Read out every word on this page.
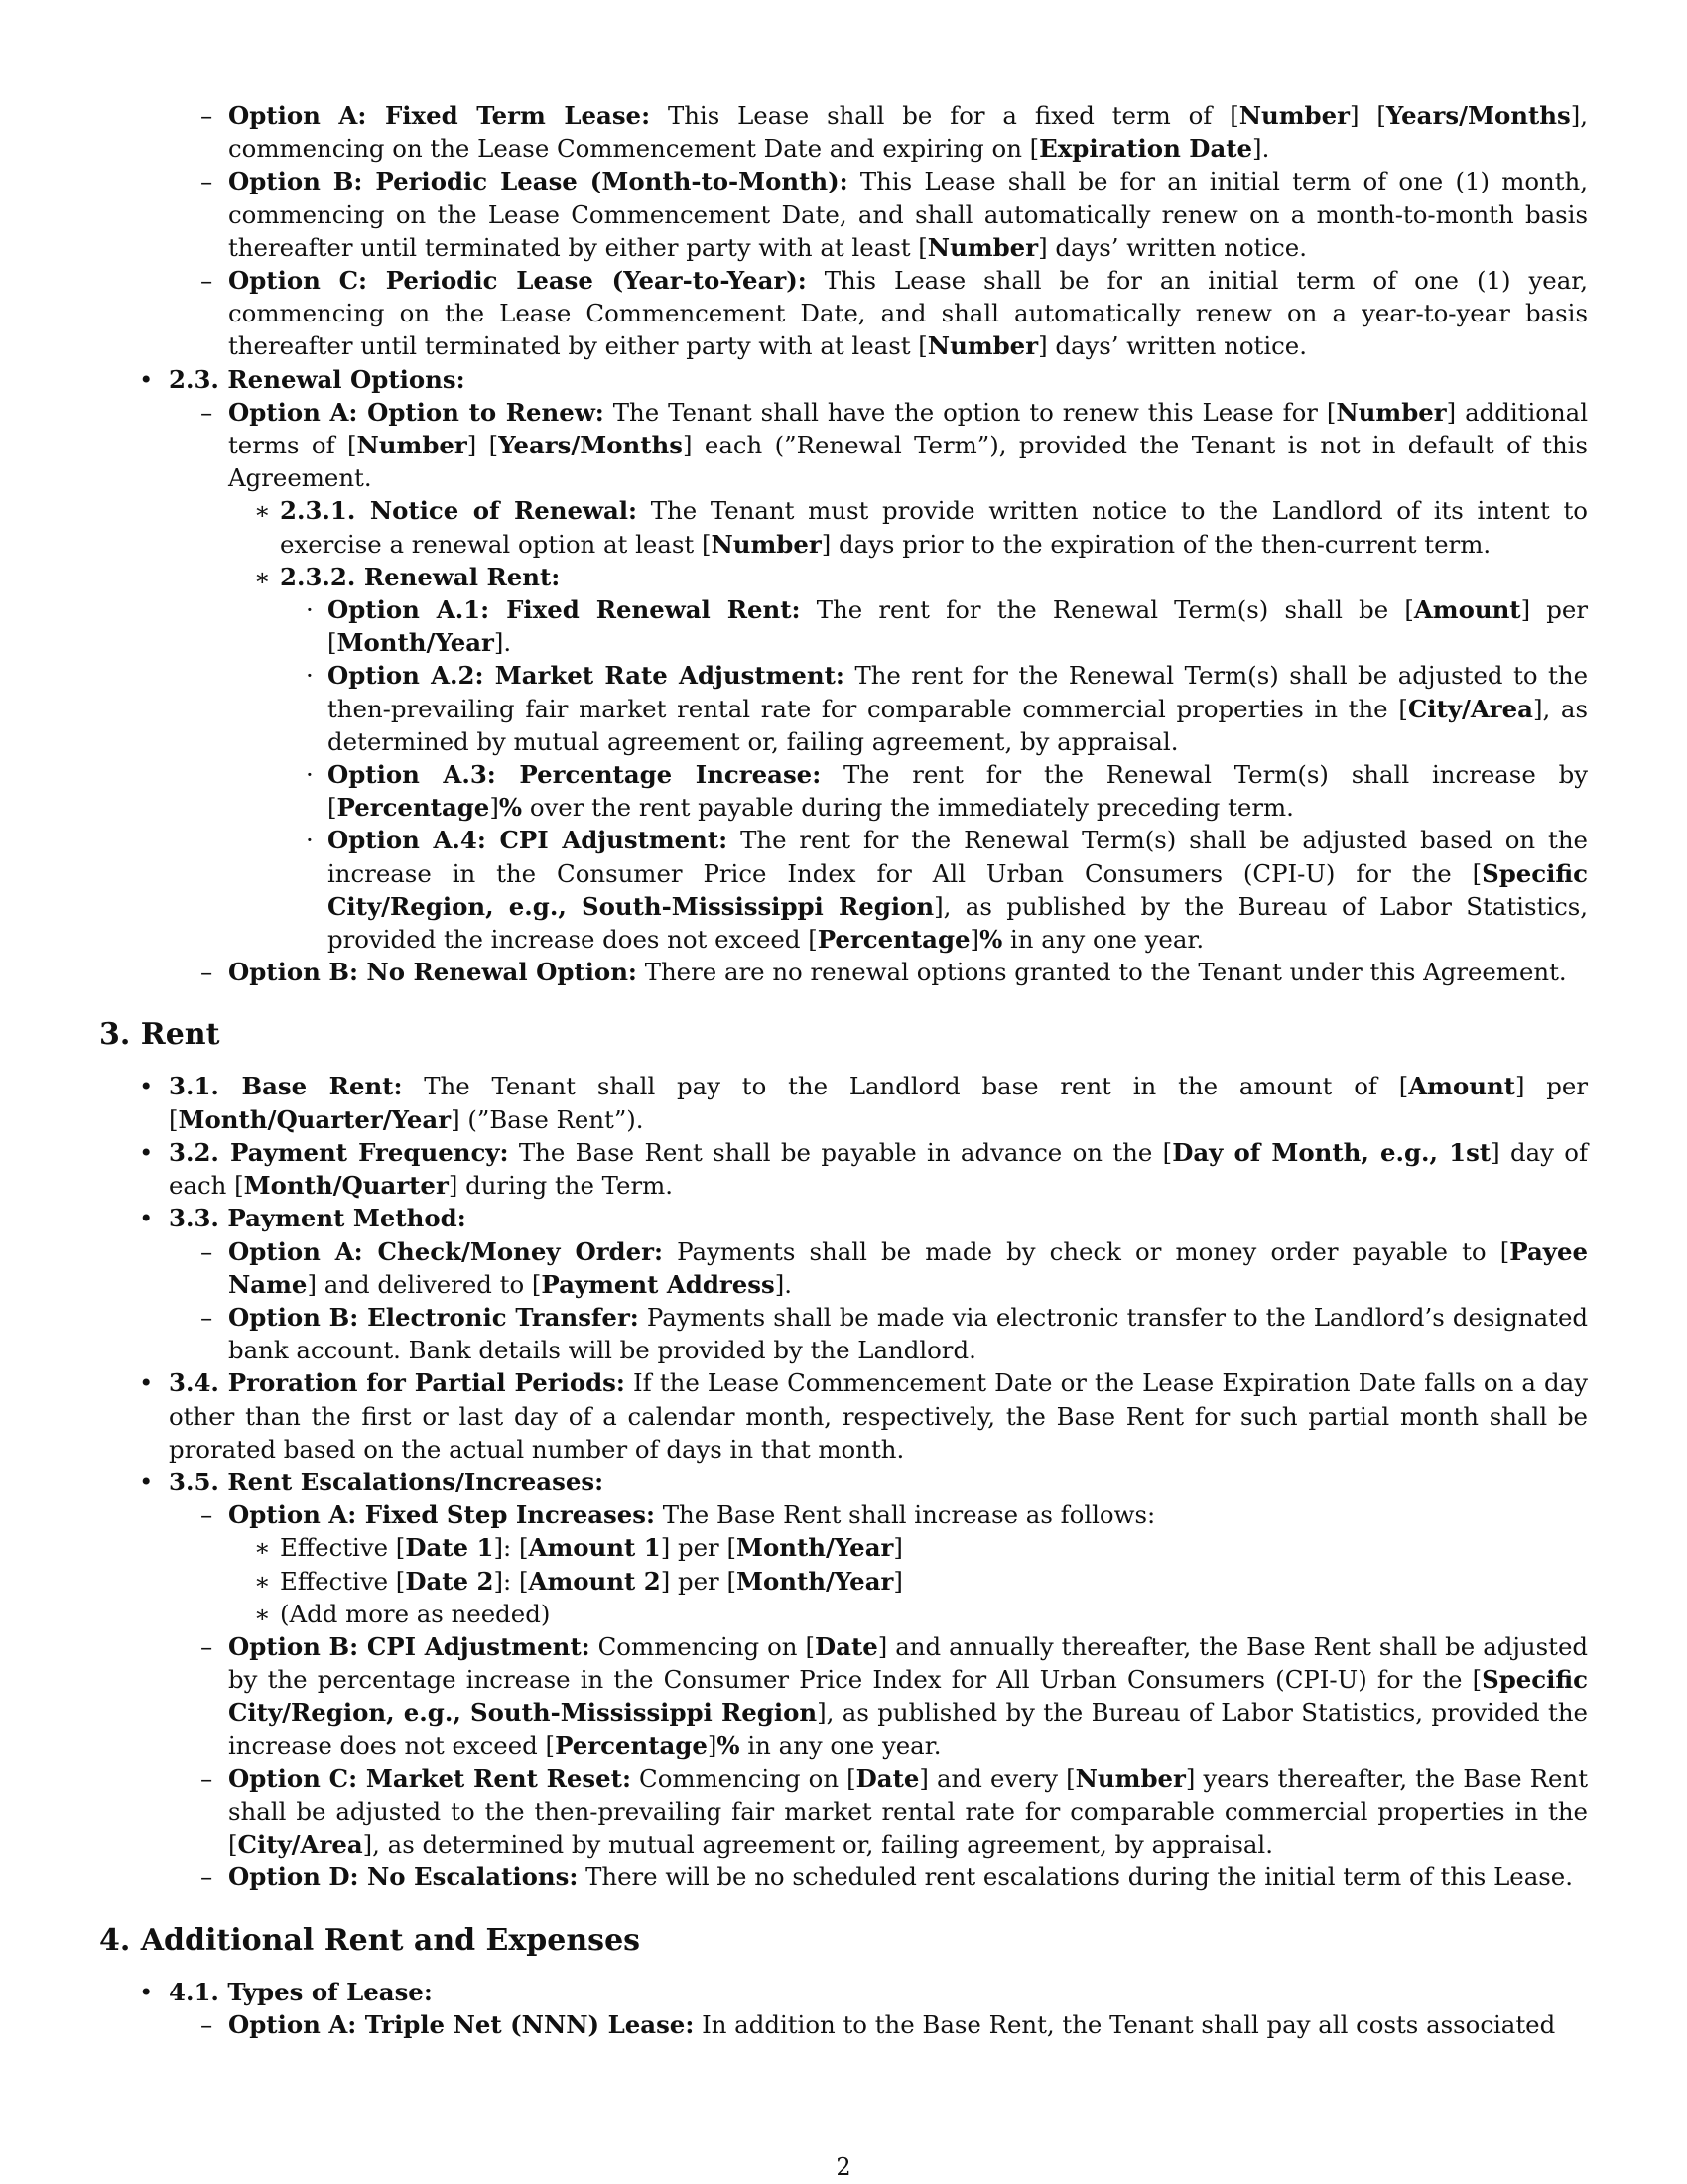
– Option A: Fixed Term Lease: This Lease shall be for a fixed term of [Number] [Years/Months], commencing on the Lease Commencement Date and expiring on [Expiration Date].
– Option B: Periodic Lease (Month-to-Month): This Lease shall be for an initial term of one (1) month, commencing on the Lease Commencement Date, and shall automatically renew on a month-to-month basis thereafter until terminated by either party with at least [Number] days’ written notice.
– Option C: Periodic Lease (Year-to-Year): This Lease shall be for an initial term of one (1) year, commencing on the Lease Commencement Date, and shall automatically renew on a year-to-year basis thereafter until terminated by either party with at least [Number] days’ written notice.
• 2.3. Renewal Options:
– Option A: Option to Renew: The Tenant shall have the option to renew this Lease for [Number] additional terms of [Number] [Years/Months] each (”Renewal Term”), provided the Tenant is not in default of this Agreement.
∗ 2.3.1. Notice of Renewal: The Tenant must provide written notice to the Landlord of its intent to exercise a renewal option at least [Number] days prior to the expiration of the then-current term.
∗ 2.3.2. Renewal Rent:
· Option A.1: Fixed Renewal Rent: The rent for the Renewal Term(s) shall be [Amount] per [Month/Year].
· Option A.2: Market Rate Adjustment: The rent for the Renewal Term(s) shall be adjusted to the then-prevailing fair market rental rate for comparable commercial properties in the [City/Area], as determined by mutual agreement or, failing agreement, by appraisal.
· Option A.3: Percentage Increase: The rent for the Renewal Term(s) shall increase by [Percentage]% over the rent payable during the immediately preceding term.
· Option A.4: CPI Adjustment: The rent for the Renewal Term(s) shall be adjusted based on the increase in the Consumer Price Index for All Urban Consumers (CPI-U) for the [Specific City/Region, e.g., South-Mississippi Region], as published by the Bureau of Labor Statistics, provided the increase does not exceed [Percentage]% in any one year.
– Option B: No Renewal Option: There are no renewal options granted to the Tenant under this Agreement.
3. Rent
• 3.1. Base Rent: The Tenant shall pay to the Landlord base rent in the amount of [Amount] per [Month/Quarter/Year] (”Base Rent”).
• 3.2. Payment Frequency: The Base Rent shall be payable in advance on the [Day of Month, e.g., 1st] day of each [Month/Quarter] during the Term.
• 3.3. Payment Method:
– Option A: Check/Money Order: Payments shall be made by check or money order payable to [Payee Name] and delivered to [Payment Address].
– Option B: Electronic Transfer: Payments shall be made via electronic transfer to the Landlord’s designated bank account. Bank details will be provided by the Landlord.
• 3.4. Proration for Partial Periods: If the Lease Commencement Date or the Lease Expiration Date falls on a day other than the first or last day of a calendar month, respectively, the Base Rent for such partial month shall be prorated based on the actual number of days in that month.
• 3.5. Rent Escalations/Increases:
– Option A: Fixed Step Increases: The Base Rent shall increase as follows:
∗ Effective [Date 1]: [Amount 1] per [Month/Year]
∗ Effective [Date 2]: [Amount 2] per [Month/Year]
∗ (Add more as needed)
– Option B: CPI Adjustment: Commencing on [Date] and annually thereafter, the Base Rent shall be adjusted by the percentage increase in the Consumer Price Index for All Urban Consumers (CPI-U) for the [Specific City/Region, e.g., South-Mississippi Region], as published by the Bureau of Labor Statistics, provided the increase does not exceed [Percentage]% in any one year.
– Option C: Market Rent Reset: Commencing on [Date] and every [Number] years thereafter, the Base Rent shall be adjusted to the then-prevailing fair market rental rate for comparable commercial properties in the [City/Area], as determined by mutual agreement or, failing agreement, by appraisal.
– Option D: No Escalations: There will be no scheduled rent escalations during the initial term of this Lease.
4. Additional Rent and Expenses
• 4.1. Types of Lease:
– Option A: Triple Net (NNN) Lease: In addition to the Base Rent, the Tenant shall pay all costs associated
2
